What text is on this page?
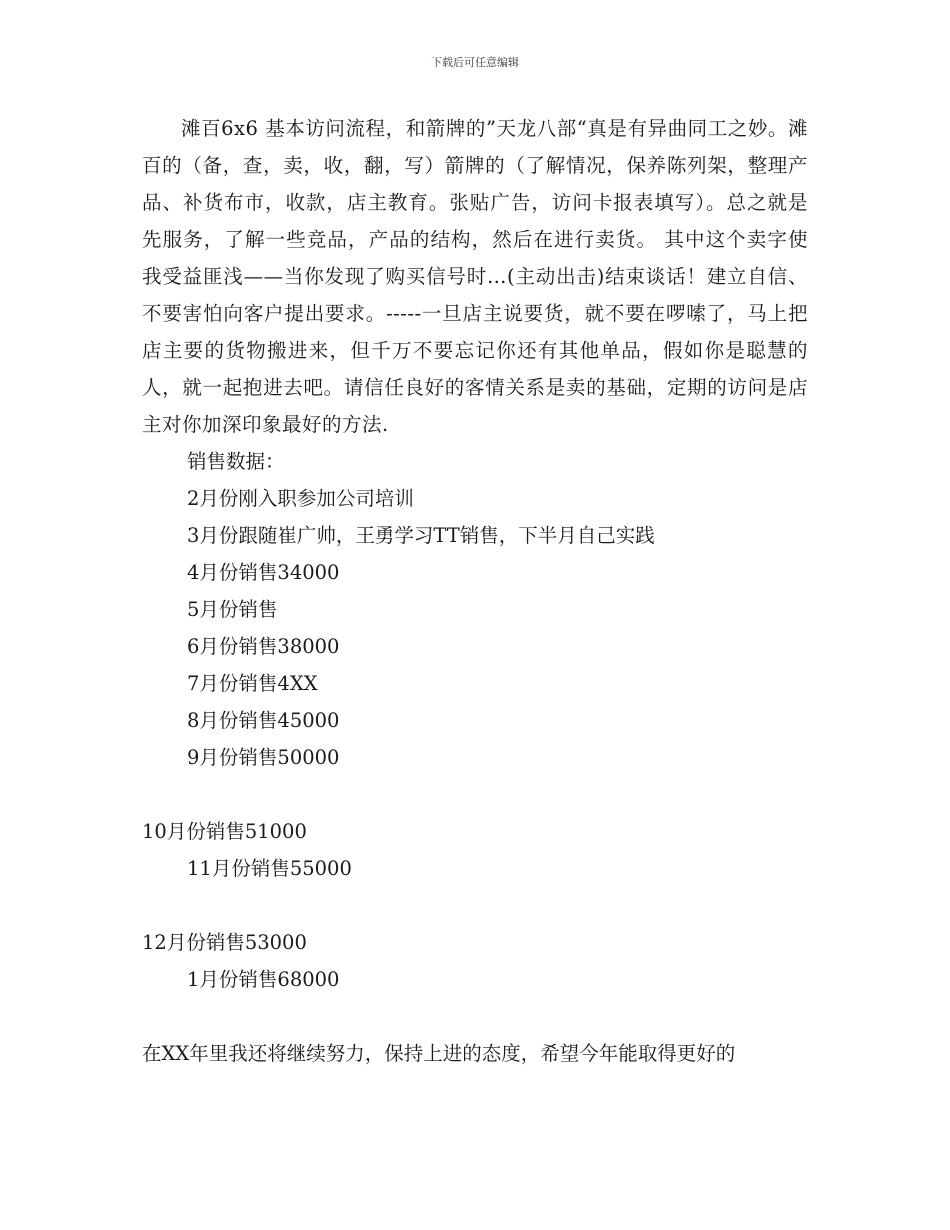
下载后可任意编辑

滩百6x6 基本访问流程，和箭牌的”天龙八部“真是有异曲同工之妙。滩百的（备，查，卖，收，翻，写）箭牌的（了解情况，保养陈列架，整理产品、补货布市，收款，店主教育。张贴广告，访问卡报表填写）。总之就是先服务，了解一些竞品，产品的结构，然后在进行卖货。 其中这个卖字使我受益匪浅——当你发现了购买信号时…(主动出击)结束谈话！建立自信、不要害怕向客户提出要求。-----一旦店主说要货，就不要在啰嗦了，马上把店主要的货物搬进来，但千万不要忘记你还有其他单品，假如你是聪慧的人，就一起抱进去吧。请信任良好的客情关系是卖的基础，定期的访问是店主对你加深印象最好的方法.

销售数据：

2月份刚入职参加公司培训

3月份跟随崔广帅，王勇学习TT销售，下半月自己实践

4月份销售34000

5月份销售

6月份销售38000

7月份销售4XX

8月份销售45000

9月份销售50000

10月份销售51000

11月份销售55000

12月份销售53000

1月份销售68000

在XX年里我还将继续努力，保持上进的态度，希望今年能取得更好的
